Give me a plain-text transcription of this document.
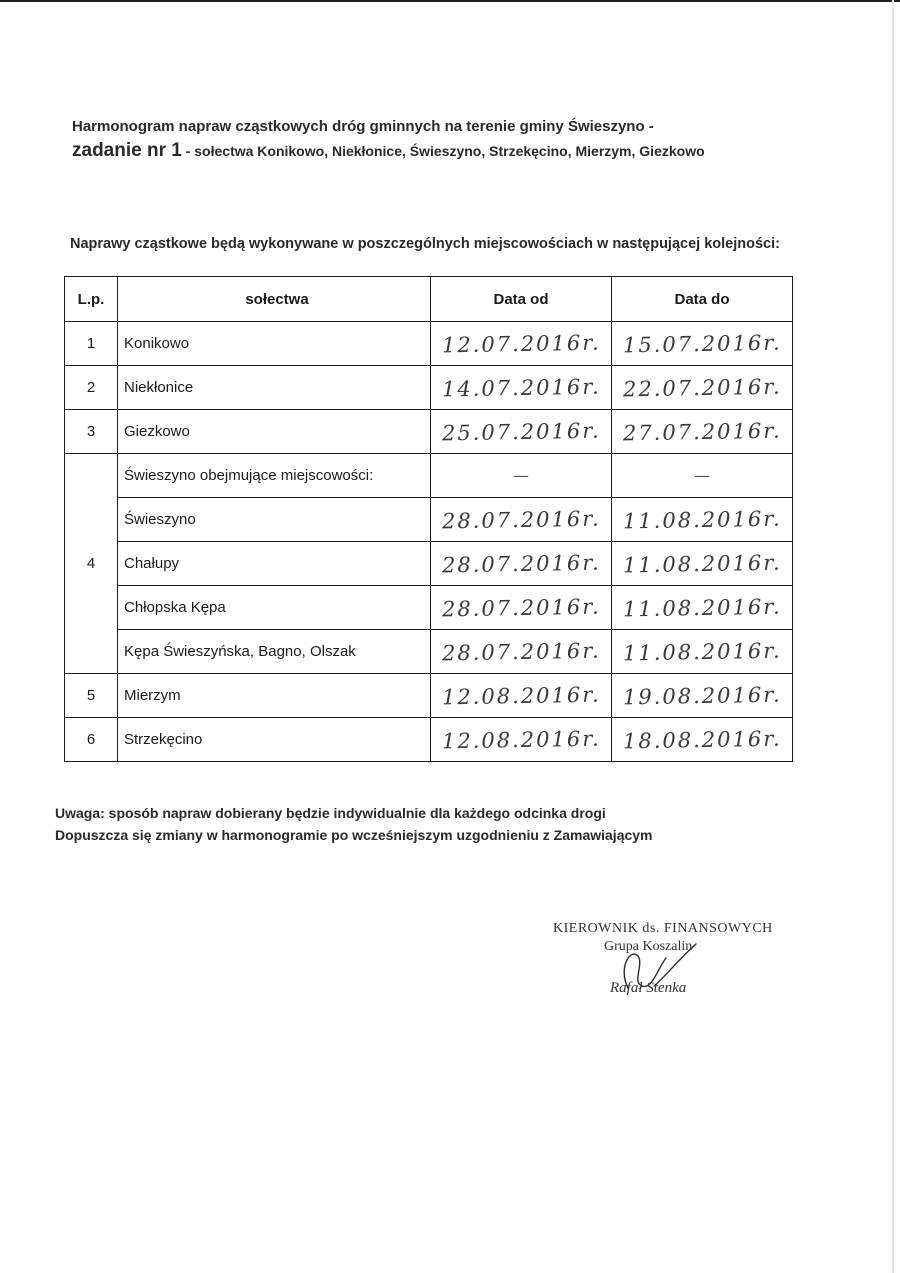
Harmonogram napraw cząstkowych dróg gminnych na terenie gminy Świeszyno -
zadanie nr 1 - sołectwa Konikowo, Niekłonice, Świeszyno, Strzekęcino, Mierzym, Giezkowo
Naprawy cząstkowe będą wykonywane w poszczególnych miejscowościach w następującej kolejności:
L.p.	sołectwa	Data od	Data do
1	Konikowo	12.07.2016r.	15.07.2016r.
2	Niekłonice	14.07.2016r.	22.07.2016r.
3	Giezkowo	25.07.2016r.	27.07.2016r.
4	Świeszyno obejmujące miejscowości:	—	—
	Świeszyno	28.07.2016r.	11.08.2016r.
	Chałupy	28.07.2016r.	11.08.2016r.
	Chłopska Kępa	28.07.2016r.	11.08.2016r.
	Kępa Świeszyńska, Bagno, Olszak	28.07.2016r.	11.08.2016r.
5	Mierzym	12.08.2016r.	19.08.2016r.
6	Strzekęcino	12.08.2016r.	18.08.2016r.
Uwaga: sposób napraw dobierany będzie indywidualnie dla każdego odcinka drogi
Dopuszcza się zmiany w harmonogramie po wcześniejszym uzgodnieniu z Zamawiającym
KIEROWNIK ds. FINANSOWYCH
Grupa Koszalin
Rafał Stenka
